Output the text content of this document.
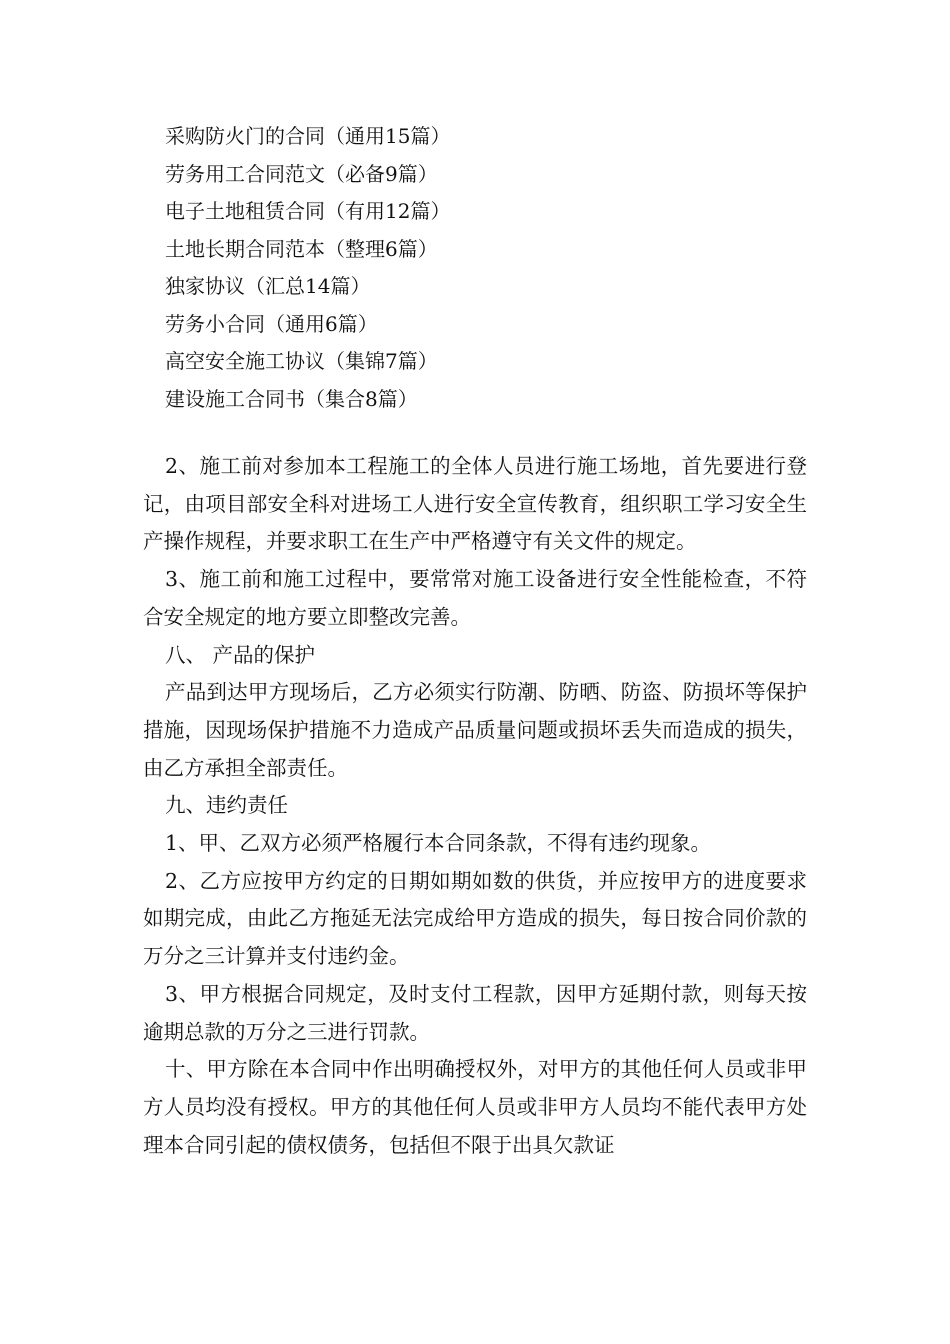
采购防火门的合同（通用15篇）
劳务用工合同范文（必备9篇）
电子土地租赁合同（有用12篇）
土地长期合同范本（整理6篇）
独家协议（汇总14篇）
劳务小合同（通用6篇）
高空安全施工协议（集锦7篇）
建设施工合同书（集合8篇）

2、施工前对参加本工程施工的全体人员进行施工场地，首先要进行登记，由项目部安全科对进场工人进行安全宣传教育，组织职工学习安全生产操作规程，并要求职工在生产中严格遵守有关文件的规定。

3、施工前和施工过程中，要常常对施工设备进行安全性能检查，不符合安全规定的地方要立即整改完善。

八、 产品的保护

产品到达甲方现场后，乙方必须实行防潮、防晒、防盗、防损坏等保护措施，因现场保护措施不力造成产品质量问题或损坏丢失而造成的损失，由乙方承担全部责任。

九、违约责任

1、甲、乙双方必须严格履行本合同条款，不得有违约现象。

2、乙方应按甲方约定的日期如期如数的供货，并应按甲方的进度要求如期完成，由此乙方拖延无法完成给甲方造成的损失，每日按合同价款的万分之三计算并支付违约金。

3、甲方根据合同规定，及时支付工程款，因甲方延期付款，则每天按逾期总款的万分之三进行罚款。

十、甲方除在本合同中作出明确授权外，对甲方的其他任何人员或非甲方人员均没有授权。甲方的其他任何人员或非甲方人员均不能代表甲方处理本合同引起的债权债务，包括但不限于出具欠款证
